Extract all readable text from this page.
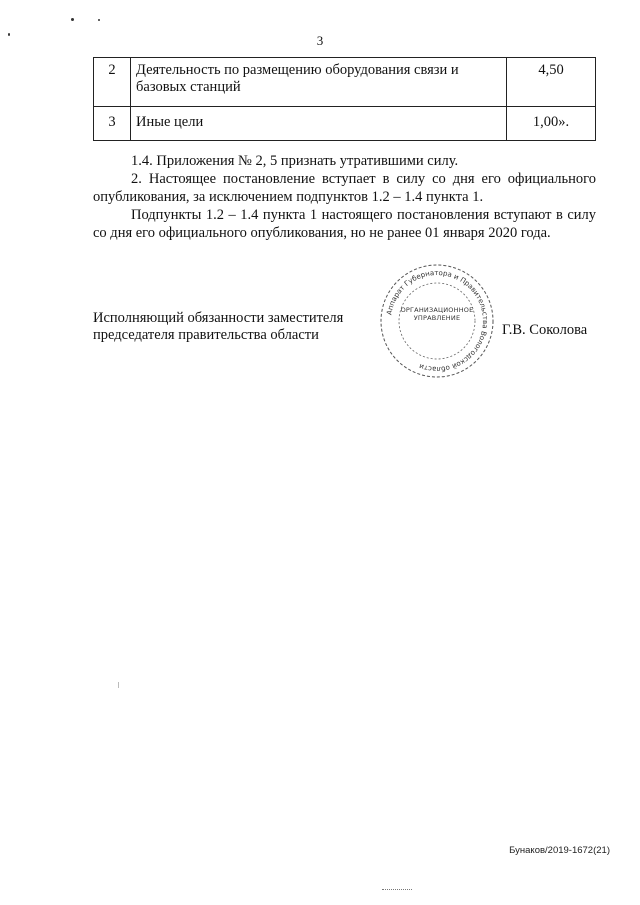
3
2	Деятельность по размещению оборудования связи и базовых станций	4,50
3	Иные цели	1,00».

1.4. Приложения № 2, 5 признать утратившими силу.

2. Настоящее постановление вступает в силу со дня его официального опубликования, за исключением подпунктов 1.2 – 1.4 пункта 1.

Подпункты 1.2 – 1.4 пункта 1 настоящего постановления вступают в силу со дня его официального опубликования, но не ранее 01 января 2020 года.

Исполняющий обязанности заместителя
председателя правительства области
Аппарат Губернатора и Правительства Вологодской области
ОРГАНИЗАЦИОННОЕ
УПРАВЛЕНИЕ
Г.В. Соколова
Бунаков/2019-1672(21)
